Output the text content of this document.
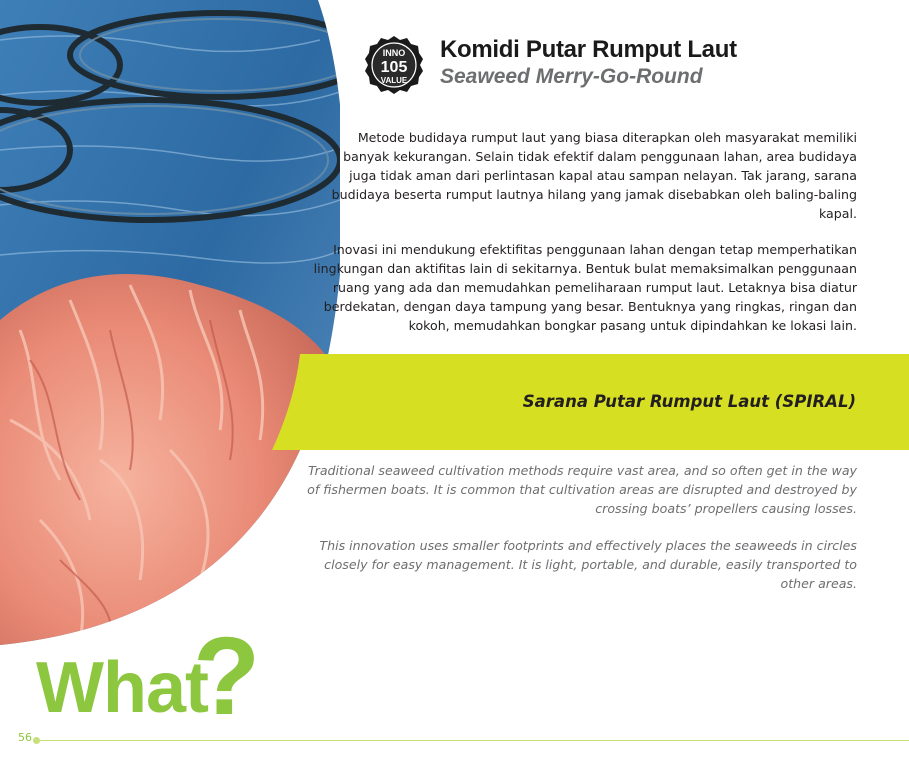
INNO
105
VALUE
Komidi Putar Rumput Laut
Seaweed Merry-Go-Round
Metode budidaya rumput laut yang biasa diterapkan oleh masyarakat memiliki banyak kekurangan. Selain tidak efektif dalam penggunaan lahan, area budidaya juga tidak aman dari perlintasan kapal atau sampan nelayan. Tak jarang, sarana budidaya beserta rumput lautnya hilang yang jamak disebabkan oleh baling-baling kapal.
Inovasi ini mendukung efektifitas penggunaan lahan dengan tetap memperhatikan lingkungan dan aktifitas lain di sekitarnya. Bentuk bulat memaksimalkan penggunaan ruang yang ada dan memudahkan pemeliharaan rumput laut. Letaknya bisa diatur berdekatan, dengan daya tampung yang besar. Bentuknya yang ringkas, ringan dan kokoh, memudahkan bongkar pasang untuk dipindahkan ke lokasi lain.
Sarana Putar Rumput Laut (SPIRAL)
Traditional seaweed cultivation methods require vast area, and so often get in the way of fishermen boats. It is common that cultivation areas are disrupted and destroyed by crossing boats’ propellers causing losses.
This innovation uses smaller footprints and effectively places the seaweeds in circles closely for easy management. It is light, portable, and durable, easily transported to other areas.
What
?
56
